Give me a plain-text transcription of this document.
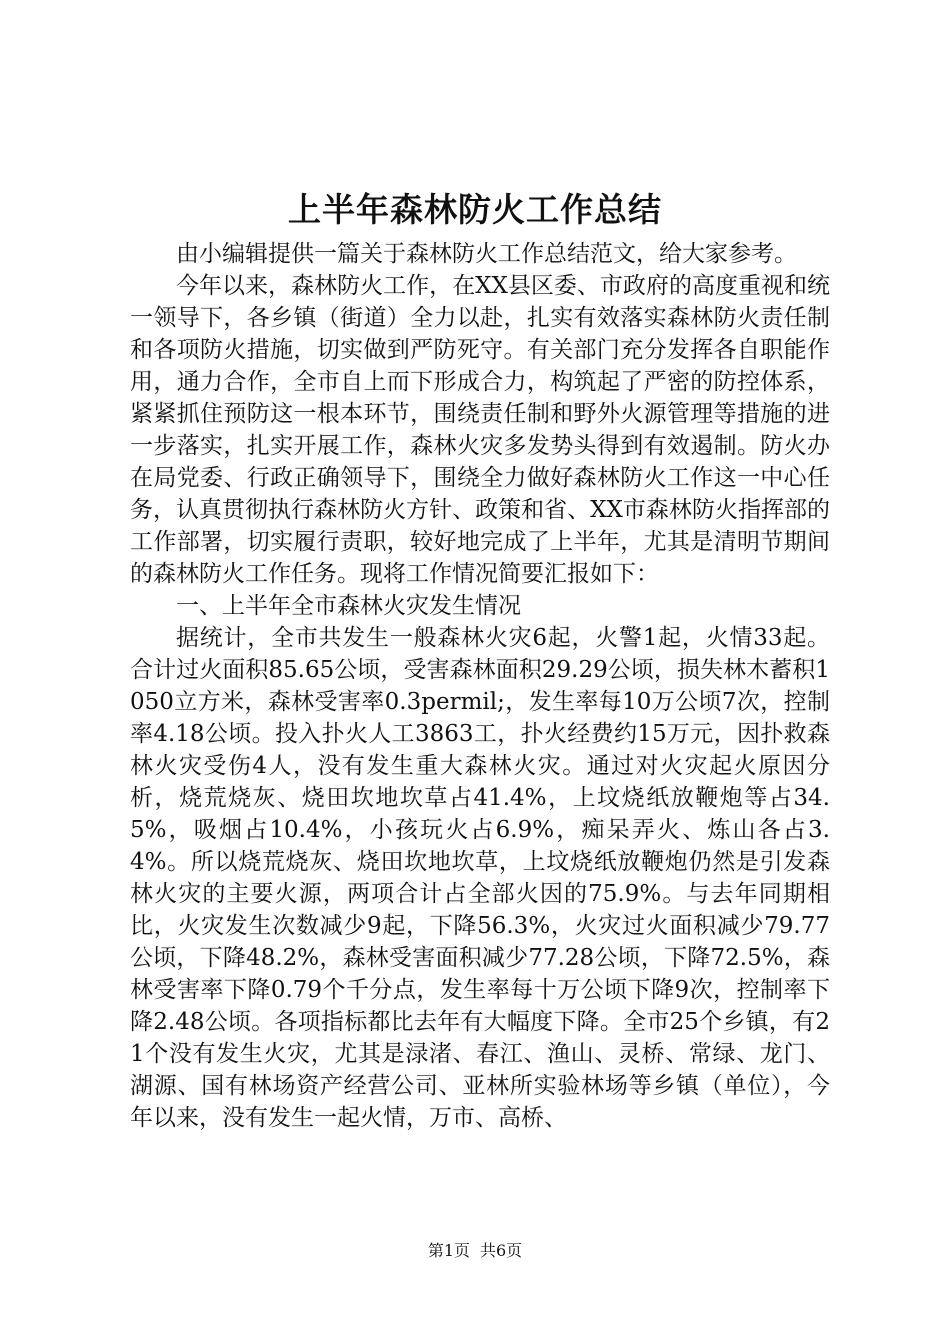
上半年森林防火工作总结

由小编辑提供一篇关于森林防火工作总结范文，给大家参考。

今年以来，森林防火工作，在XX县区委、市政府的高度重视和统一领导下，各乡镇（街道）全力以赴，扎实有效落实森林防火责任制和各项防火措施，切实做到严防死守。有关部门充分发挥各自职能作用，通力合作，全市自上而下形成合力，构筑起了严密的防控体系，紧紧抓住预防这一根本环节，围绕责任制和野外火源管理等措施的进一步落实，扎实开展工作，森林火灾多发势头得到有效遏制。防火办在局党委、行政正确领导下，围绕全力做好森林防火工作这一中心任务，认真贯彻执行森林防火方针、政策和省、XX市森林防火指挥部的工作部署，切实履行责职，较好地完成了上半年，尤其是清明节期间的森林防火工作任务。现将工作情况简要汇报如下：

一、上半年全市森林火灾发生情况

据统计，全市共发生一般森林火灾6起，火警1起，火情33起。合计过火面积85.65公顷，受害森林面积29.29公顷，损失林木蓄积1050立方米，森林受害率0.3permil;，发生率每10万公顷7次，控制率4.18公顷。投入扑火人工3863工，扑火经费约15万元，因扑救森林火灾受伤4人，没有发生重大森林火灾。通过对火灾起火原因分析，烧荒烧灰、烧田坎地坎草占41.4%，上坟烧纸放鞭炮等占34.5%，吸烟占10.4%，小孩玩火占6.9%，痴呆弄火、炼山各占3.4%。所以烧荒烧灰、烧田坎地坎草，上坟烧纸放鞭炮仍然是引发森林火灾的主要火源，两项合计占全部火因的75.9%。与去年同期相比，火灾发生次数减少9起，下降56.3%，火灾过火面积减少79.77公顷，下降48.2%，森林受害面积减少77.28公顷，下降72.5%，森林受害率下降0.79个千分点，发生率每十万公顷下降9次，控制率下降2.48公顷。各项指标都比去年有大幅度下降。全市25个乡镇，有21个没有发生火灾，尤其是渌渚、春江、渔山、灵桥、常绿、龙门、湖源、国有林场资产经营公司、亚林所实验林场等乡镇（单位），今年以来，没有发生一起火情，万市、高桥、

第1页 共6页
